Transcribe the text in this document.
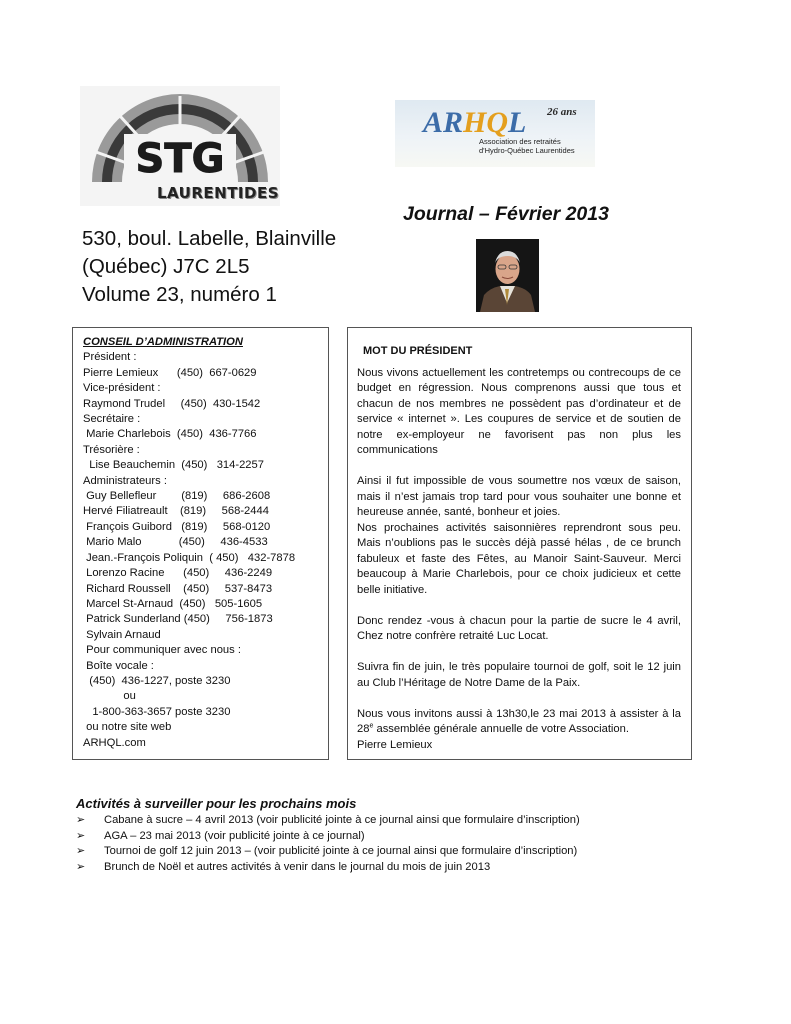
STG
LAURENTIDES
ARHQL 26 ans
Association des retraités
d'Hydro-Québec Laurentides
Journal – Février 2013
530, boul. Labelle, Blainville
(Québec) J7C 2L5
Volume 23, numéro 1
CONSEIL D’ADMINISTRATION
Président :
Pierre Lemieux      (450)  667-0629
Vice-président :
Raymond Trudel     (450)  430-1542
Secrétaire :
Marie Charlebois  (450)  436-7766
Trésorière :
Lise Beauchemin  (450)   314-2257
Administrateurs :
Guy Bellefleur        (819)     686-2608
Hervé Filiatreault    (819)     568-2444
François Guibord   (819)     568-0120
Mario Malo            (450)     436-4533
Jean.-François Poliquin  ( 450)   432-7878
Lorenzo Racine      (450)     436-2249
Richard Roussell    (450)     537-8473
Marcel St-Arnaud  (450)   505-1605
Patrick Sunderland (450)     756-1873
Sylvain Arnaud
Pour communiquer avec nous :
Boîte vocale :
(450)  436-1227, poste 3230
ou
1-800-363-3657 poste 3230
ou notre site web
ARHQL.com
MOT DU PRÉSIDENT

Nous vivons actuellement les contretemps ou contrecoups de ce budget en régression. Nous comprenons aussi que tous et chacun de nos membres ne possèdent pas d’ordinateur et de service « internet ». Les coupures de service et de soutien de notre ex-employeur ne favorisent pas non plus les communications

Ainsi il fut impossible de vous soumettre nos vœux de saison, mais il n’est jamais trop tard pour vous souhaiter une bonne et heureuse année, santé, bonheur et joies.

Nos prochaines activités saisonnières reprendront sous peu. Mais n’oublions pas le succès déjà passé hélas , de ce brunch fabuleux et faste des Fêtes, au Manoir Saint-Sauveur. Merci beaucoup à Marie Charlebois, pour ce choix judicieux et cette belle initiative.

Donc rendez -vous à chacun pour la partie de sucre le 4 avril, Chez notre confrère retraité Luc Locat.

Suivra fin de juin, le très populaire tournoi de golf, soit le 12 juin au Club l’Héritage de Notre Dame de la Paix.

Nous vous invitons aussi à 13h30,le 23 mai 2013 à assister à la 28e assemblée générale annuelle de votre Association.

Pierre Lemieux
Activités à surveiller pour les prochains mois
➢ Cabane à sucre – 4 avril 2013 (voir publicité jointe à ce journal ainsi que formulaire d’inscription)
➢ AGA – 23 mai 2013 (voir publicité jointe à ce journal)
➢ Tournoi de golf 12 juin 2013 – (voir publicité jointe à ce journal ainsi que formulaire d’inscription)
➢ Brunch de Noël et autres activités à venir dans le journal du mois de juin 2013
